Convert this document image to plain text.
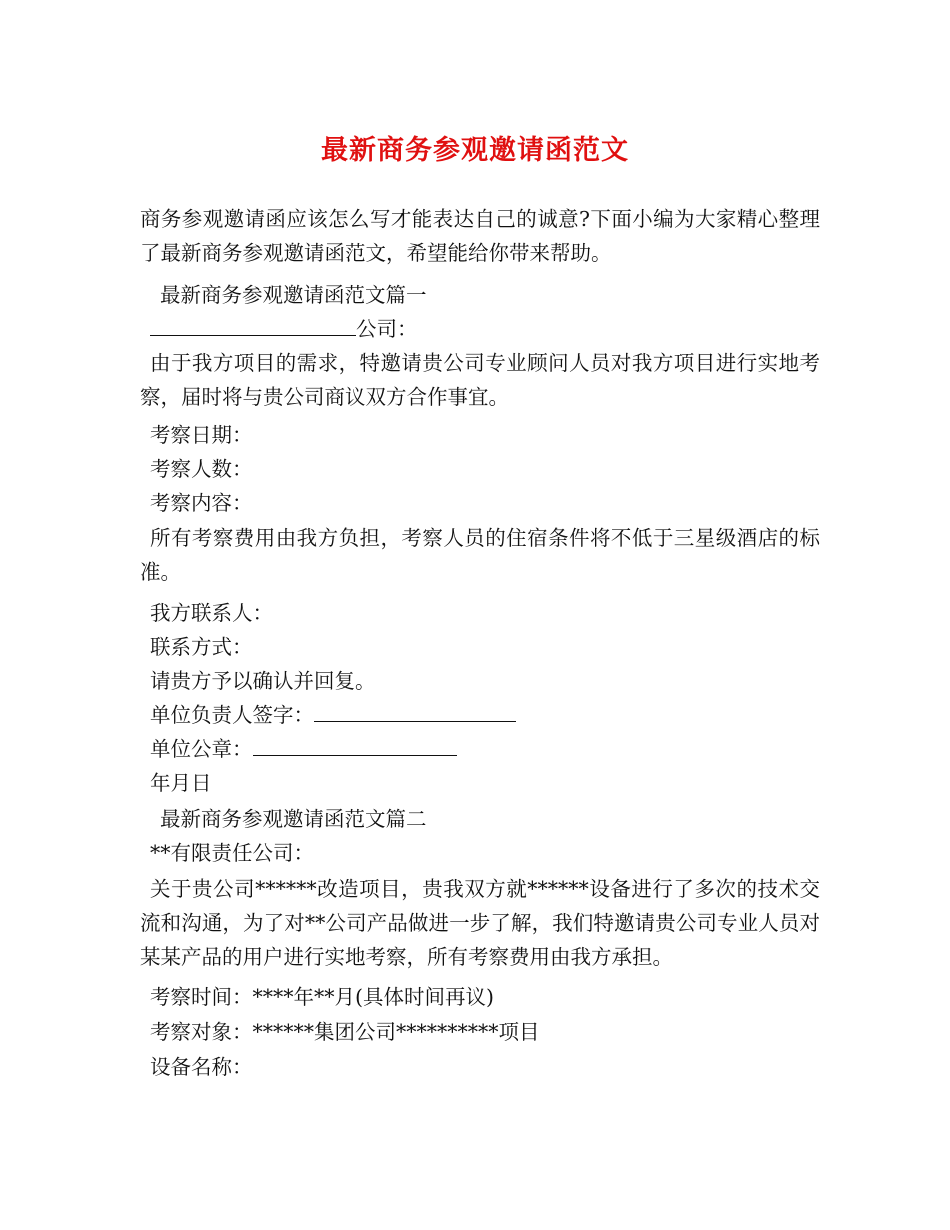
最新商务参观邀请函范文
商务参观邀请函应该怎么写才能表达自己的诚意?下面小编为大家精心整理了最新商务参观邀请函范文，希望能给你带来帮助。
最新商务参观邀请函范文篇一
公司：
由于我方项目的需求，特邀请贵公司专业顾问人员对我方项目进行实地考察，届时将与贵公司商议双方合作事宜。
考察日期：
考察人数：
考察内容：
所有考察费用由我方负担，考察人员的住宿条件将不低于三星级酒店的标准。
我方联系人：
联系方式：
请贵方予以确认并回复。
单位负责人签字：
单位公章：
年月日
最新商务参观邀请函范文篇二
**有限责任公司：
关于贵公司******改造项目，贵我双方就******设备进行了多次的技术交流和沟通，为了对**公司产品做进一步了解，我们特邀请贵公司专业人员对某某产品的用户进行实地考察，所有考察费用由我方承担。
考察时间：****年**月(具体时间再议)
考察对象：******集团公司**********项目
设备名称：
